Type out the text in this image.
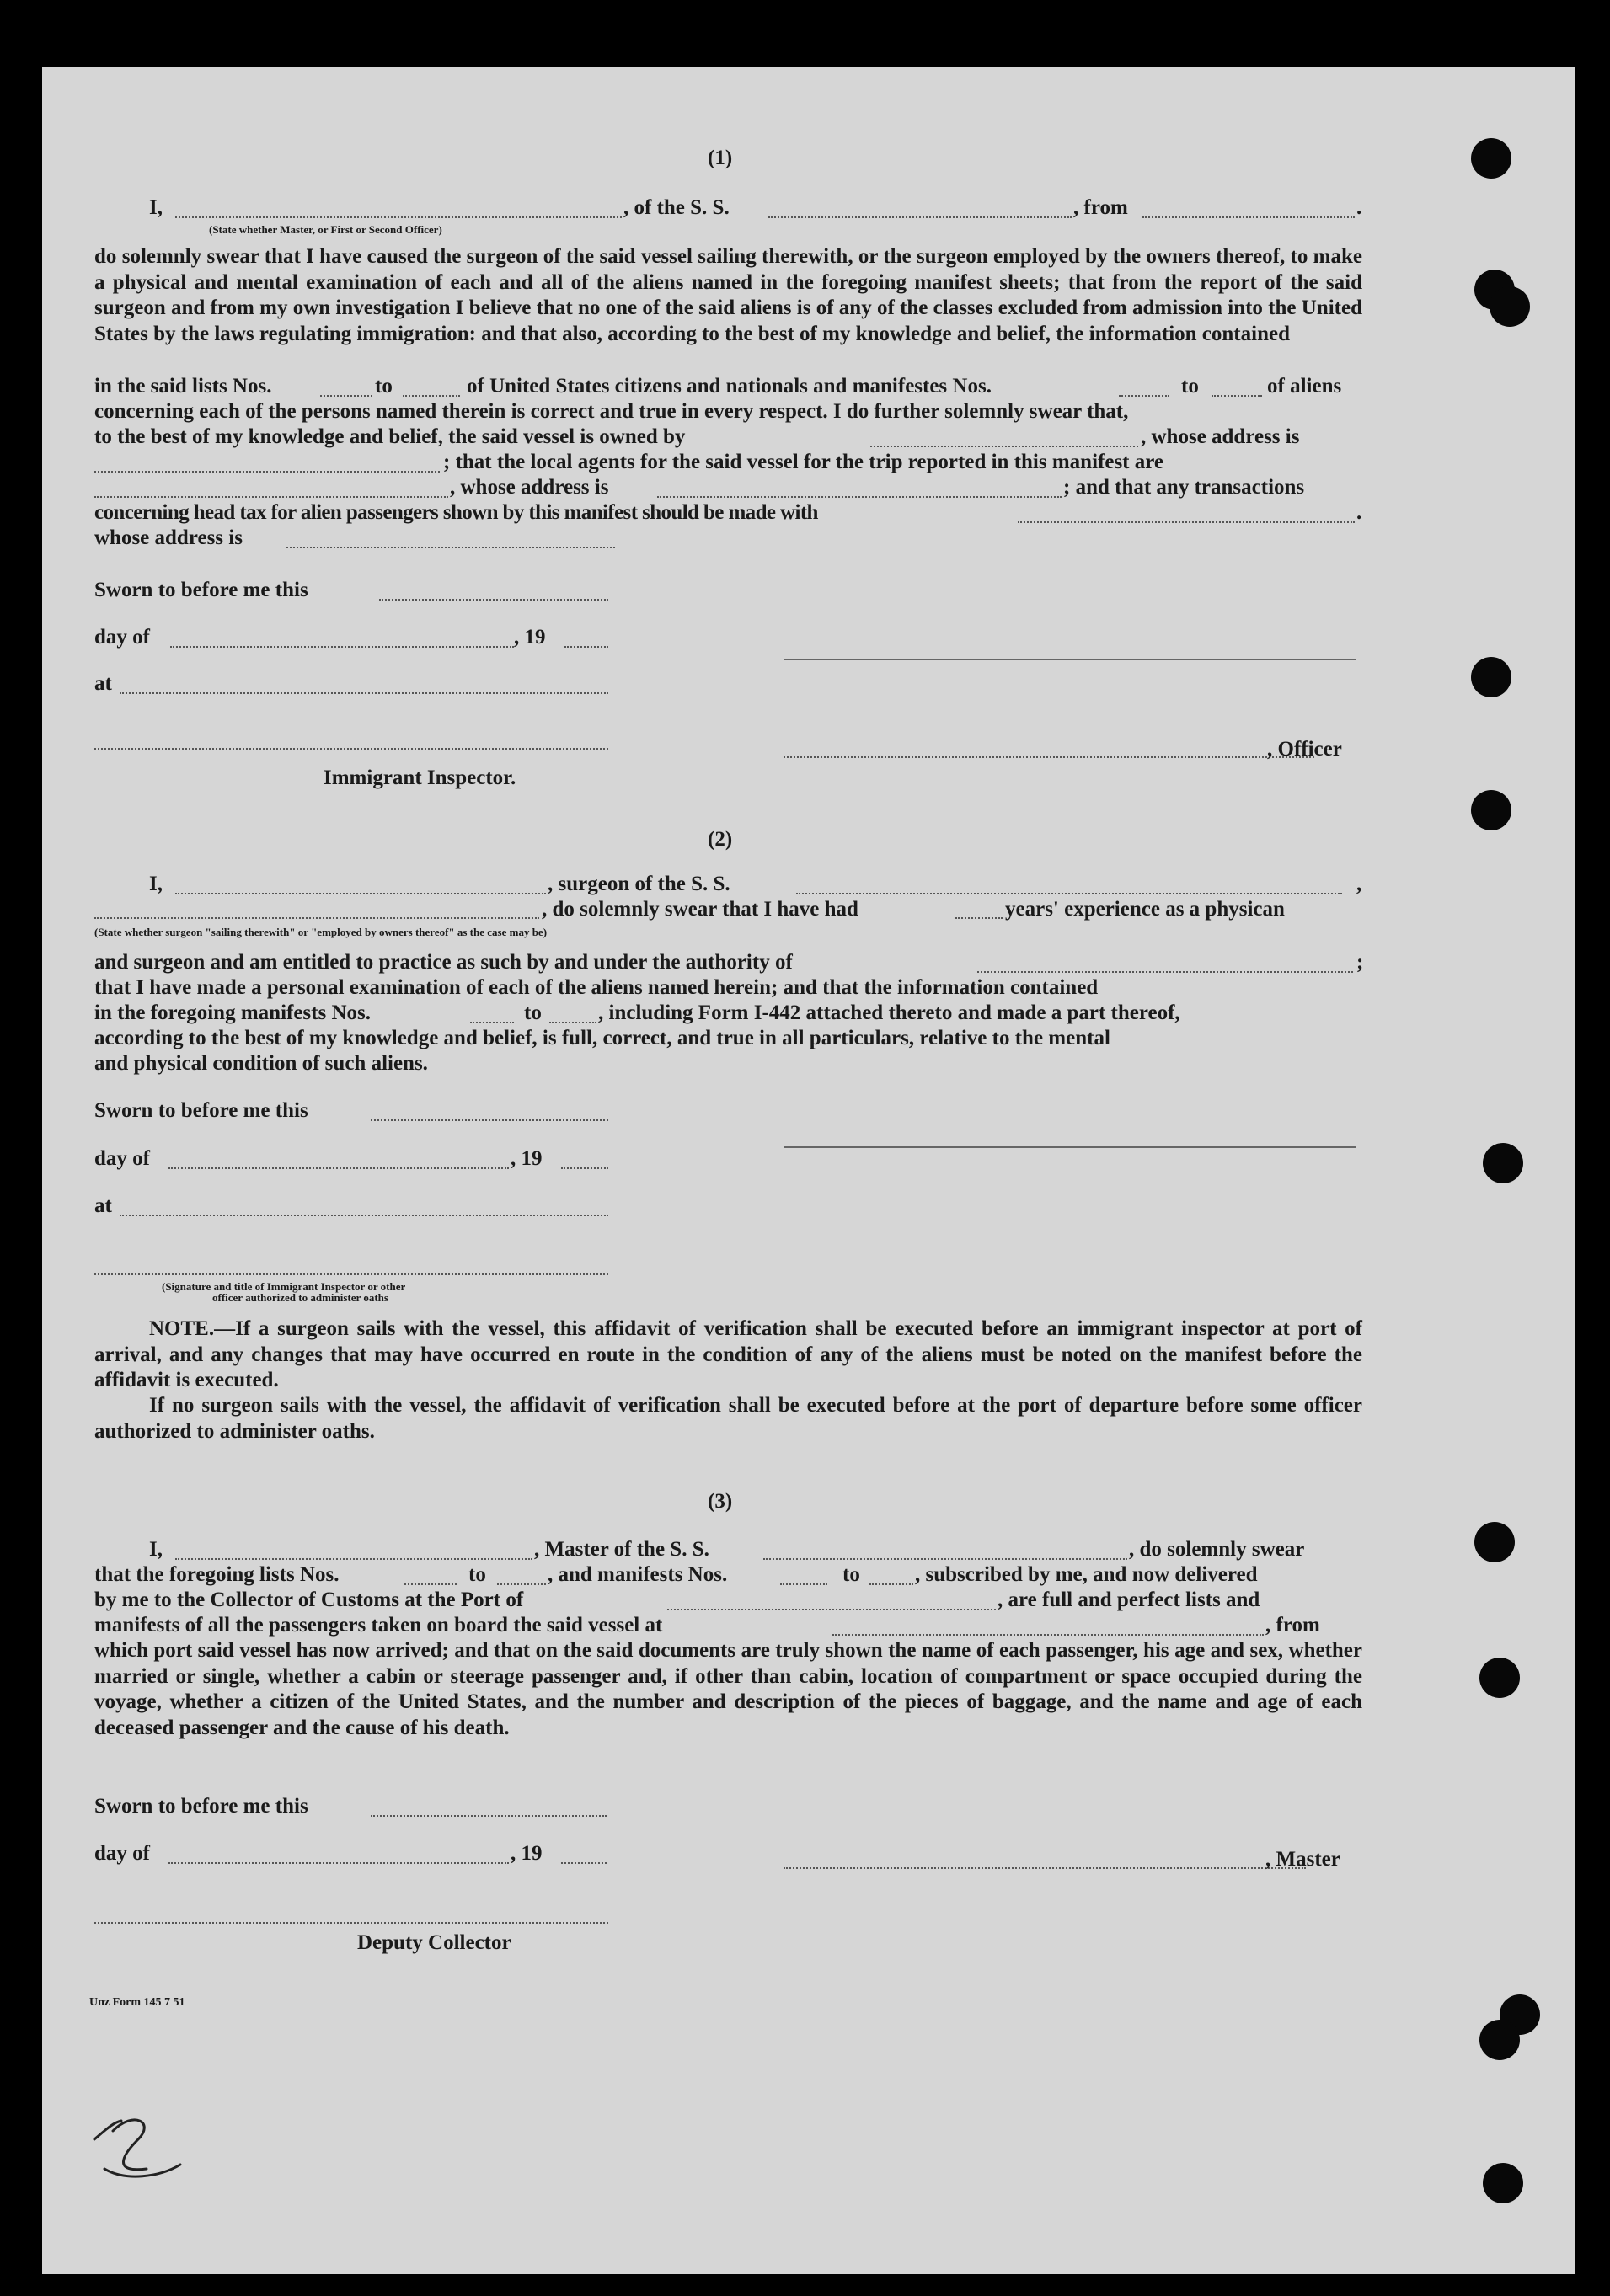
(1)
I,	, of the S. S.	, from	.
(State whether Master, or First or Second Officer)
do solemnly swear that I have caused the surgeon of the said vessel sailing therewith, or the surgeon employed by the owners thereof, to make a physical and mental examination of each and all of the aliens named in the foregoing manifest sheets; that from the report of the said surgeon and from my own investigation I believe that no one of the said aliens is of any of the classes excluded from admission into the United States by the laws regulating immigration: and that also, according to the best of my knowledge and belief, the information contained
in the said lists Nos.	to	of United States citizens and nationals and manifestes Nos.	to	of aliens
concerning each of the persons named therein is correct and true in every respect. I do further solemnly swear that,
to the best of my knowledge and belief, the said vessel is owned by	, whose address is
; that the local agents for the said vessel for the trip reported in this manifest are
, whose address is	; and that any transactions
concerning head tax for alien passengers shown by this manifest should be made with	.
whose address is
Sworn to before me this
day of	, 19
at
, Officer
Immigrant Inspector.
(2)
I,	, surgeon of the S. S.	,
, do solemnly swear that I have had	years' experience as a physican
(State whether surgeon "sailing therewith" or "employed by owners thereof" as the case may be)
and surgeon and am entitled to practice as such by and under the authority of	;
that I have made a personal examination of each of the aliens named herein; and that the information contained
in the foregoing manifests Nos.	to	, including Form I-442 attached thereto and made a part thereof,
according to the best of my knowledge and belief, is full, correct, and true in all particulars, relative to the mental
and physical condition of such aliens.
Sworn to before me this
day of	, 19
at
(Signature and title of Immigrant Inspector or other
officer authorized to administer oaths
NOTE.—If a surgeon sails with the vessel, this affidavit of verification shall be executed before an immigrant inspector at port of arrival, and any changes that may have occurred en route in the condition of any of the aliens must be noted on the manifest before the affidavit is executed.
If no surgeon sails with the vessel, the affidavit of verification shall be executed before at the port of departure before some officer authorized to administer oaths.
(3)
I,	, Master of the S. S.	, do solemnly swear
that the foregoing lists Nos.	to	, and manifests Nos.	to	, subscribed by me, and now delivered
by me to the Collector of Customs at the Port of	, are full and perfect lists and
manifests of all the passengers taken on board the said vessel at	, from
which port said vessel has now arrived; and that on the said documents are truly shown the name of each passenger, his age and sex, whether married or single, whether a cabin or steerage passenger and, if other than cabin, location of compartment or space occupied during the voyage, whether a citizen of the United States, and the number and description of the pieces of baggage, and the name and age of each deceased passenger and the cause of his death.
Sworn to before me this
day of	, 19	, Master
Deputy Collector
Unz Form 145 7 51
